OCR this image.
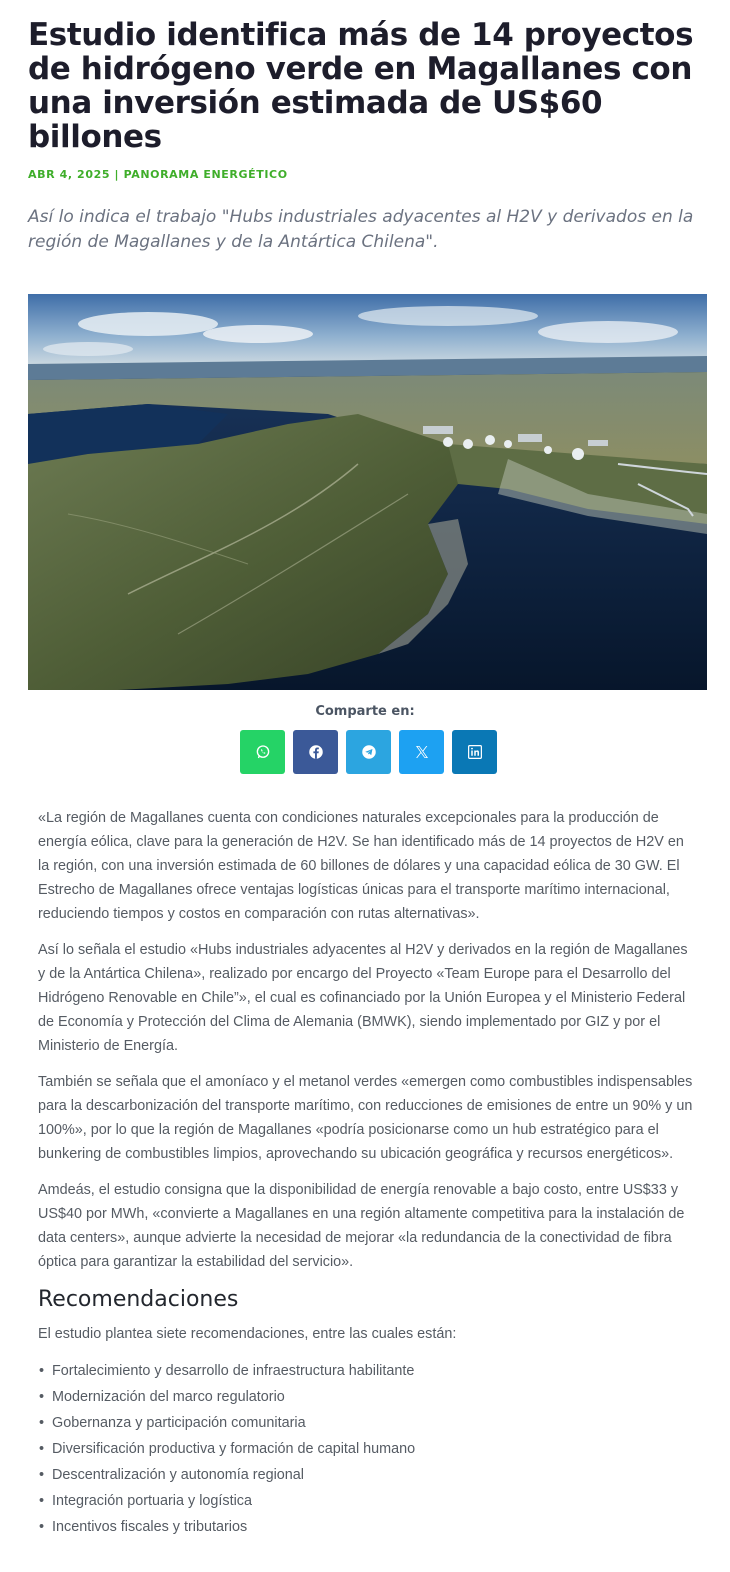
Estudio identifica más de 14 proyectos de hidrógeno verde en Magallanes con una inversión estimada de US$60 billones
ABR 4, 2025 | PANORAMA ENERGÉTICO

Así lo indica el trabajo "Hubs industriales adyacentes al H2V y derivados en la región de Magallanes y de la Antártica Chilena".

Comparte en:

«La región de Magallanes cuenta con condiciones naturales excepcionales para la producción de energía eólica, clave para la generación de H2V. Se han identificado más de 14 proyectos de H2V en la región, con una inversión estimada de 60 billones de dólares y una capacidad eólica de 30 GW. El Estrecho de Magallanes ofrece ventajas logísticas únicas para el transporte marítimo internacional, reduciendo tiempos y costos en comparación con rutas alternativas».

Así lo señala el estudio «Hubs industriales adyacentes al H2V y derivados en la región de Magallanes y de la Antártica Chilena», realizado por encargo del Proyecto «Team Europe para el Desarrollo del Hidrógeno Renovable en Chile”», el cual es cofinanciado por la Unión Europea y el Ministerio Federal de Economía y Protección del Clima de Alemania (BMWK), siendo implementado por GIZ y por el Ministerio de Energía.

También se señala que el amoníaco y el metanol verdes «emergen como combustibles indispensables para la descarbonización del transporte marítimo, con reducciones de emisiones de entre un 90% y un 100%», por lo que la región de Magallanes «podría posicionarse como un hub estratégico para el bunkering de combustibles limpios, aprovechando su ubicación geográfica y recursos energéticos».

Amdeás, el estudio consigna que la disponibilidad de energía renovable a bajo costo, entre US$33 y US$40 por MWh, «convierte a Magallanes en una región altamente competitiva para la instalación de data centers», aunque advierte la necesidad de mejorar «la redundancia de la conectividad de fibra óptica para garantizar la estabilidad del servicio».

Recomendaciones

El estudio plantea siete recomendaciones, entre las cuales están:

• Fortalecimiento y desarrollo de infraestructura habilitante
• Modernización del marco regulatorio
• Gobernanza y participación comunitaria
• Diversificación productiva y formación de capital humano
• Descentralización y autonomía regional
• Integración portuaria y logística
• Incentivos fiscales y tributarios
